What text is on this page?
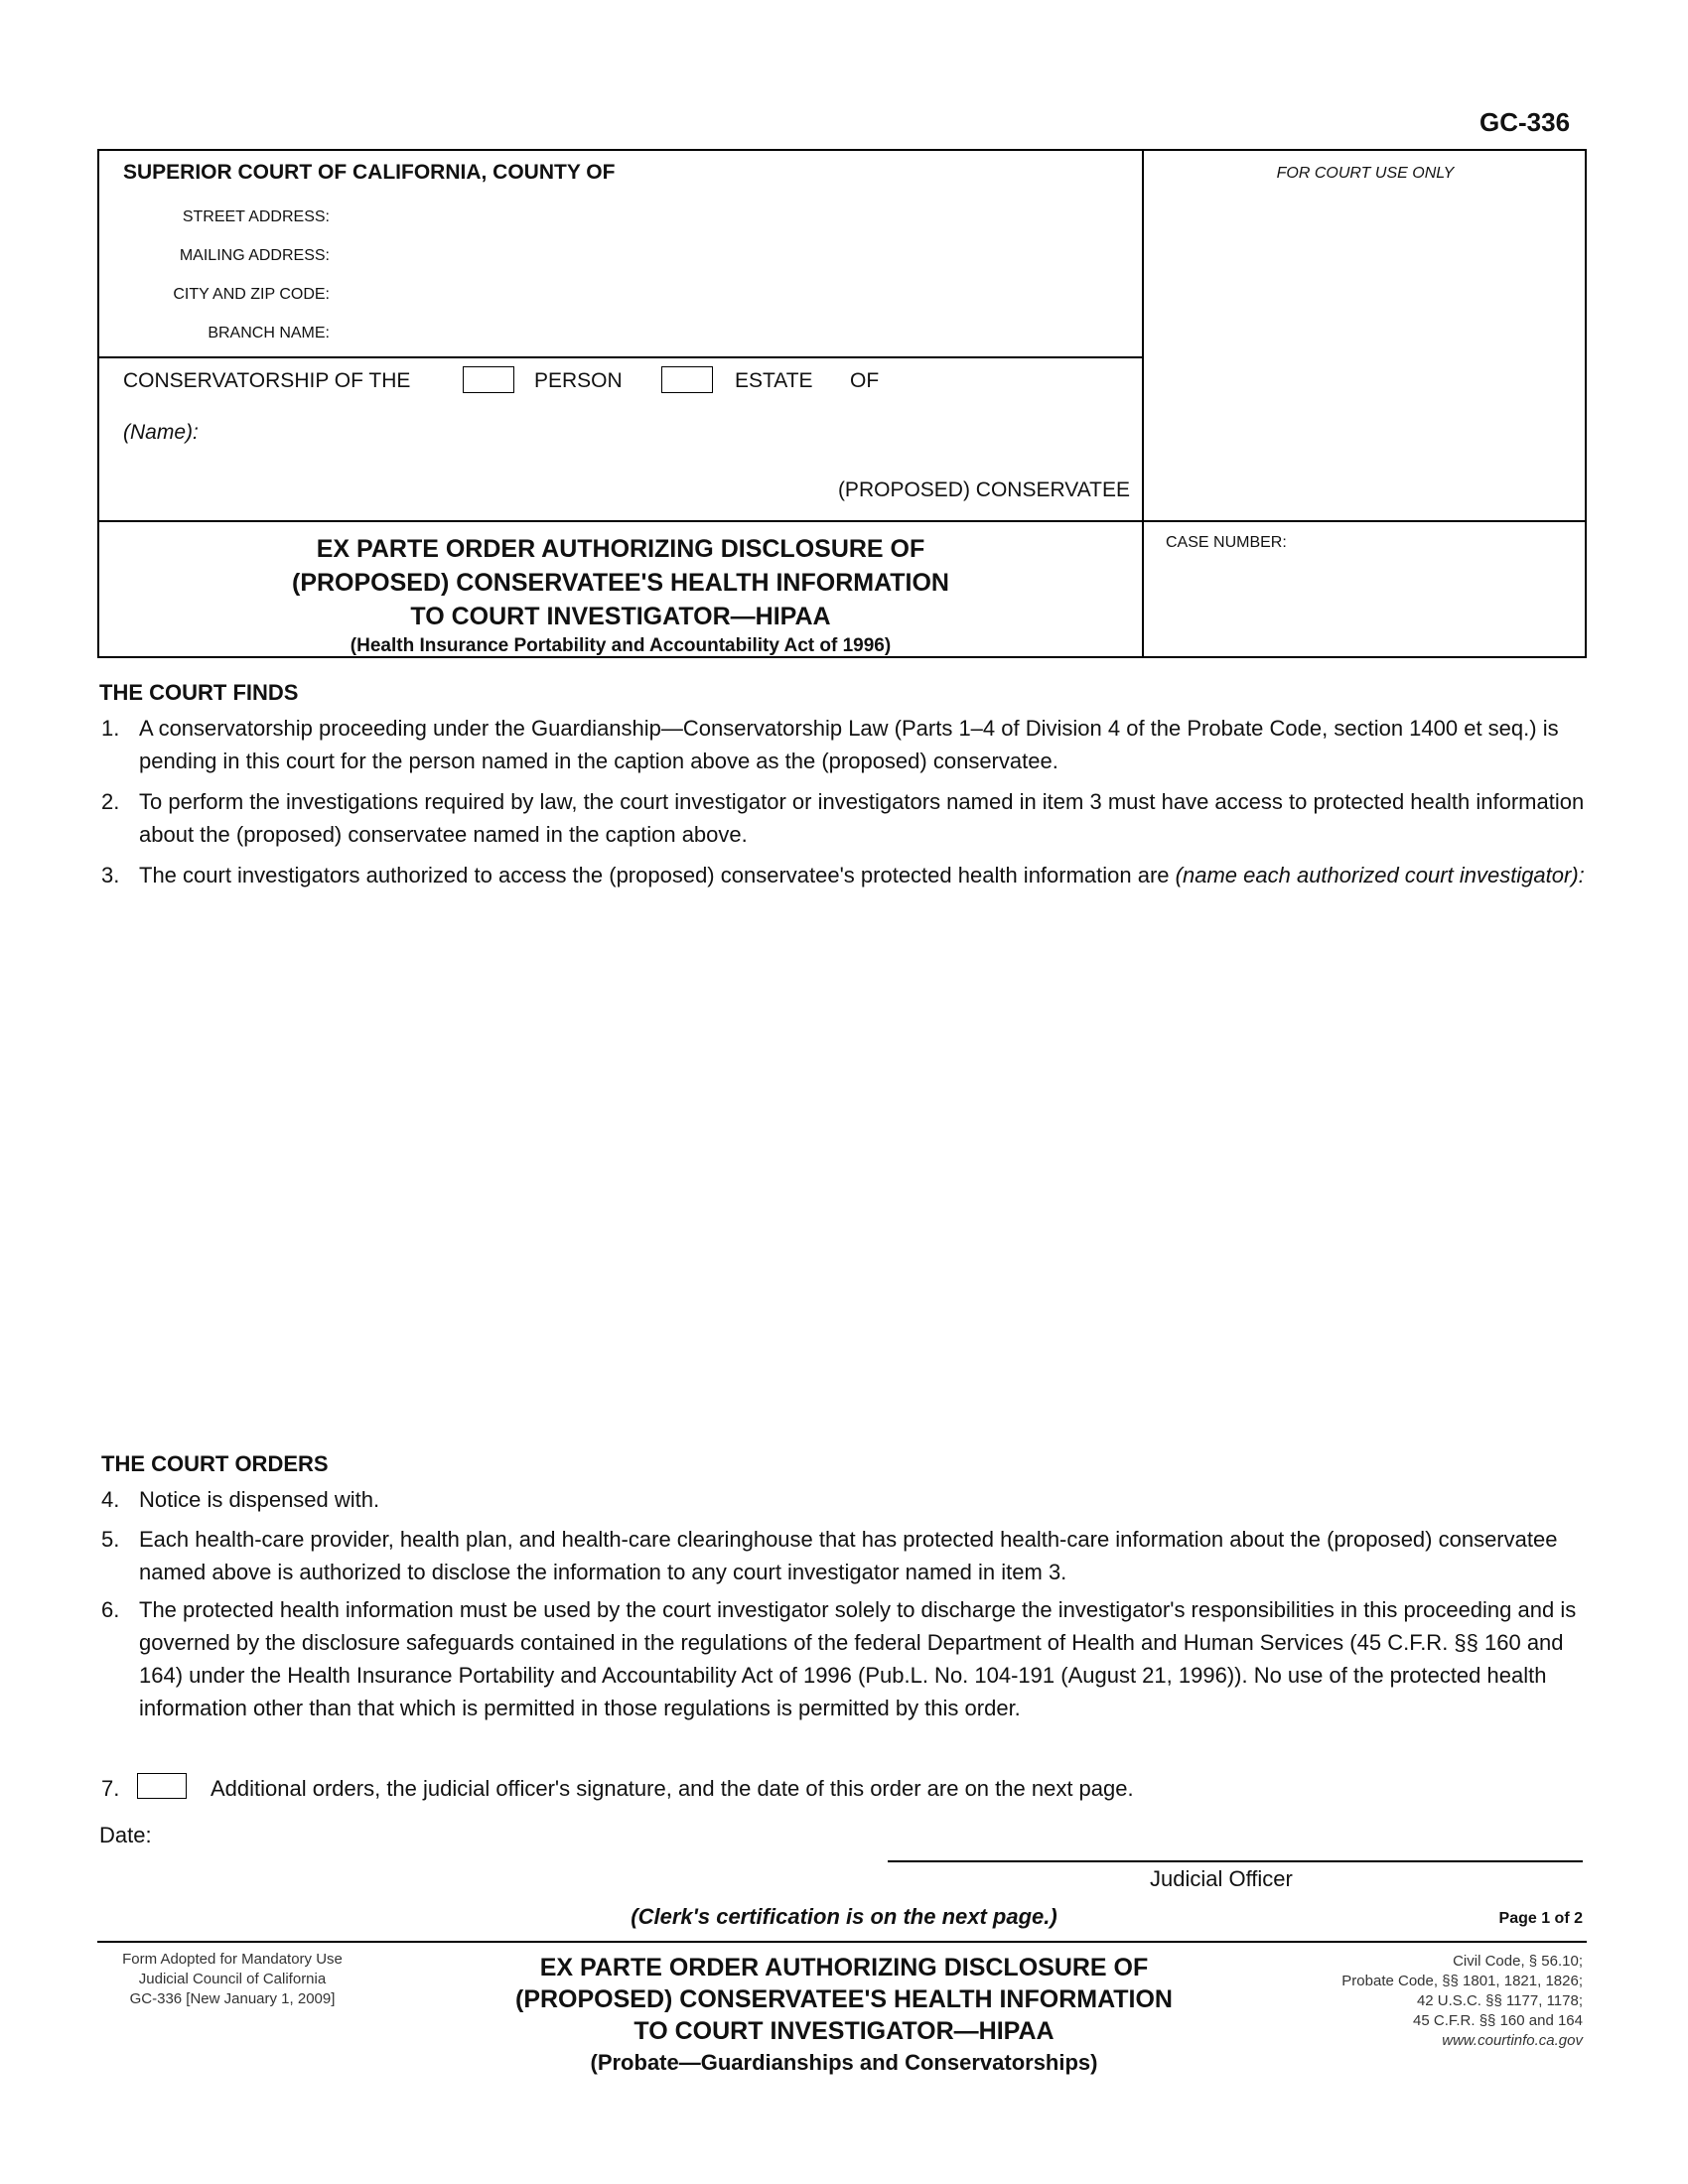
GC-336
SUPERIOR COURT OF CALIFORNIA, COUNTY OF
STREET ADDRESS:
MAILING ADDRESS:
CITY AND ZIP CODE:
BRANCH NAME:
FOR COURT USE ONLY
CONSERVATORSHIP OF THE	PERSON	ESTATE OF
(Name):
(PROPOSED) CONSERVATEE
EX PARTE ORDER AUTHORIZING DISCLOSURE OF
(PROPOSED) CONSERVATEE'S HEALTH INFORMATION
TO COURT INVESTIGATOR—HIPAA
(Health Insurance Portability and Accountability Act of 1996)
CASE NUMBER:
THE COURT FINDS
1. A conservatorship proceeding under the Guardianship—Conservatorship Law (Parts 1–4 of Division 4 of the Probate Code, section 1400 et seq.) is pending in this court for the person named in the caption above as the (proposed) conservatee.
2. To perform the investigations required by law, the court investigator or investigators named in item 3 must have access to protected health information about the (proposed) conservatee named in the caption above.
3. The court investigators authorized to access the (proposed) conservatee's protected health information are (name each authorized court investigator):
THE COURT ORDERS
4. Notice is dispensed with.
5. Each health-care provider, health plan, and health-care clearinghouse that has protected health-care information about the (proposed) conservatee named above is authorized to disclose the information to any court investigator named in item 3.
6. The protected health information must be used by the court investigator solely to discharge the investigator's responsibilities in this proceeding and is governed by the disclosure safeguards contained in the regulations of the federal Department of Health and Human Services (45 C.F.R. §§ 160 and 164) under the Health Insurance Portability and Accountability Act of 1996 (Pub.L. No. 104-191 (August 21, 1996)). No use of the protected health information other than that which is permitted in those regulations is permitted by this order.
7.	Additional orders, the judicial officer's signature, and the date of this order are on the next page.
Date:
Judicial Officer
(Clerk's certification is on the next page.)	Page 1 of 2
Form Adopted for Mandatory Use
Judicial Council of California
GC-336 [New January 1, 2009]
EX PARTE ORDER AUTHORIZING DISCLOSURE OF
(PROPOSED) CONSERVATEE'S HEALTH INFORMATION
TO COURT INVESTIGATOR—HIPAA
(Probate—Guardianships and Conservatorships)
Civil Code, § 56.10;
Probate Code, §§ 1801, 1821, 1826;
42 U.S.C. §§ 1177, 1178;
45 C.F.R. §§ 160 and 164
www.courtinfo.ca.gov
